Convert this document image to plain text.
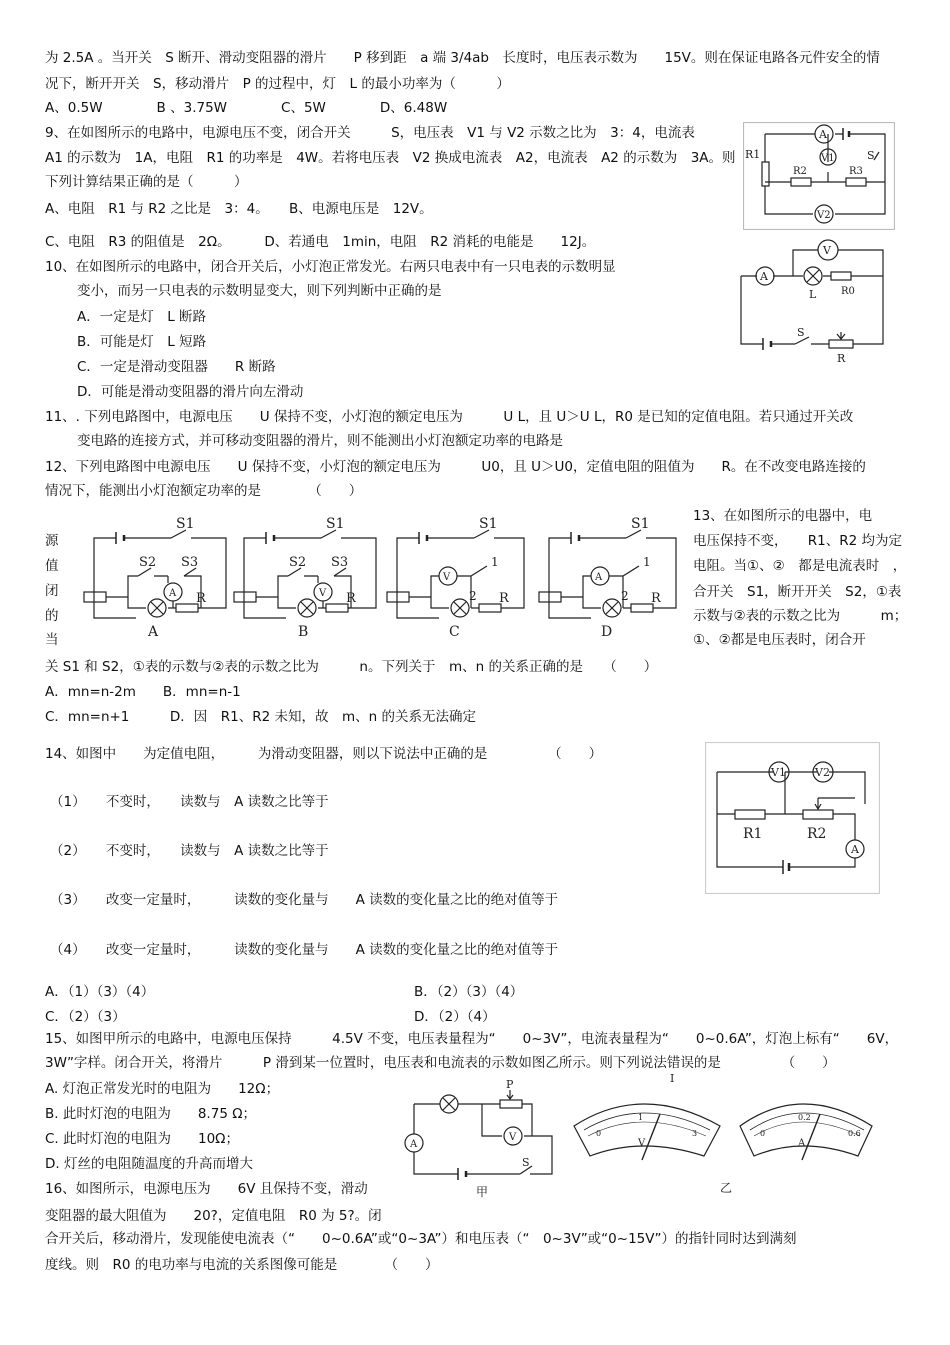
为 2.5A 。当开关　S 断开、滑动变阻器的滑片　　P 移到距　a 端 3/4ab　长度时，电压表示数为　　15V。则在保证电路各元件安全的情
况下，断开开关　S，移动滑片　P 的过程中，灯　L 的最小功率为（　　　）
A、0.5W　　　　B 、3.75W　　　　C、5W　　　　D、6.48W
9、在如图所示的电路中，电源电压不变，闭合开关　　　S，电压表　V1 与 V2 示数之比为　3：4，电流表
A1 的示数为　1A，电阻　R1 的功率是　4W。若将电压表　V2 换成电流表　A2，电流表　A2 的示数为　3A。则
下列计算结果正确的是（　　　）
A、电阻　R1 与 R2 之比是　3：4。　　B、电源电压是　12V。
C、电阻　R3 的阻值是　2Ω。　　　D、若通电　1min，电阻　R2 消耗的电能是　　12J。
10、在如图所示的电路中，闭合开关后，小灯泡正常发光。右两只电表中有一只电表的示数明显
变小，而另一只电表的示数明显变大，则下列判断中正确的是
A．一定是灯　L 断路
B．可能是灯　L 短路
C．一定是滑动变阻器　　R 断路
D．可能是滑动变阻器的滑片向左滑动
11、. 下列电路图中，电源电压　　U 保持不变，小灯泡的额定电压为　　　U L，且 U＞U L，R0 是已知的定值电阻。若只通过开关改
变电路的连接方式，并可移动变阻器的滑片，则不能测出小灯泡额定功率的电路是
12、下列电路图中电源电压　　U 保持不变，小灯泡的额定电压为　　　U0，且 U＞U0，定值电阻的阻值为　　R。在不改变电路连接的
情况下，能测出小灯泡额定功率的是　　　　（　　）
13、在如图所示的电器中，电
电压保持不变，　　R1、R2 均为定
电阻。当①、②　都是电流表时　，
合开关　S1，断开开关　S2，①表
示数与②表的示数之比为　　　m；
①、②都是电压表时，闭合开
源
值
闭
的
当
关 S1 和 S2，①表的示数与②表的示数之比为　　　n。下列关于　m、n 的关系正确的是　　（　　）
A．mn=n-2m　　B．mn=n-1
C．mn=n+1　　　D．因　R1、R2 未知，故　m、n 的关系无法确定
14、如图中　　为定值电阻，　　　为滑动变阻器，则以下说法中正确的是　　　　　（　　）
（1）　　不变时，　　读数与　A 读数之比等于
（2）　　不变时，　　读数与　A 读数之比等于
（3）　　改变一定量时，　　　读数的变化量与　　A 读数的变化量之比的绝对值等于
（4）　　改变一定量时，　　　读数的变化量与　　A 读数的变化量之比的绝对值等于
A．（1）（3）（4）	B．（2）（3）（4）
C．（2）（3）	D．（2）（4）
15、如图甲所示的电路中，电源电压保持　　　4.5V 不变，电压表量程为“　　0~3V”，电流表量程为“　　0~0.6A”，灯泡上标有“　　6V，
3W”字样。闭合开关，将滑片　　　P 滑到某一位置时，电压表和电流表的示数如图乙所示。则下列说法错误的是　　　　　（　　）
A. 灯泡正常发光时的电阻为　　12Ω；
B. 此时灯泡的电阻为　　8.75 Ω；
C. 此时灯泡的电阻为　　10Ω；
D. 灯丝的电阻随温度的升高而增大
16、如图所示，电源电压为　　6V 且保持不变，滑动
变阻器的最大阻值为　　20?，定值电阻　R0 为 5?。闭
合开关后，移动滑片，发现能使电流表（“　　0~0.6A”或“0~3A”）和电压表（“　0~3V”或“0~15V”）的指针同时达到满刻
度线。则　R0 的电功率与电流的关系图像可能是　　　　（　　）
A
V1
V2
R1
R2	R3
S
A
V
L R0
S
R
S1
S2 S3
A R
A
S1
S2 S3
V R
B
S1
V
1
2 R
C
S1
A
1
2 R
D
V1	V2
R1	R2
A
P
V
A
S
甲
0
1
3
V
I
0
0.2
0.6
A
乙
